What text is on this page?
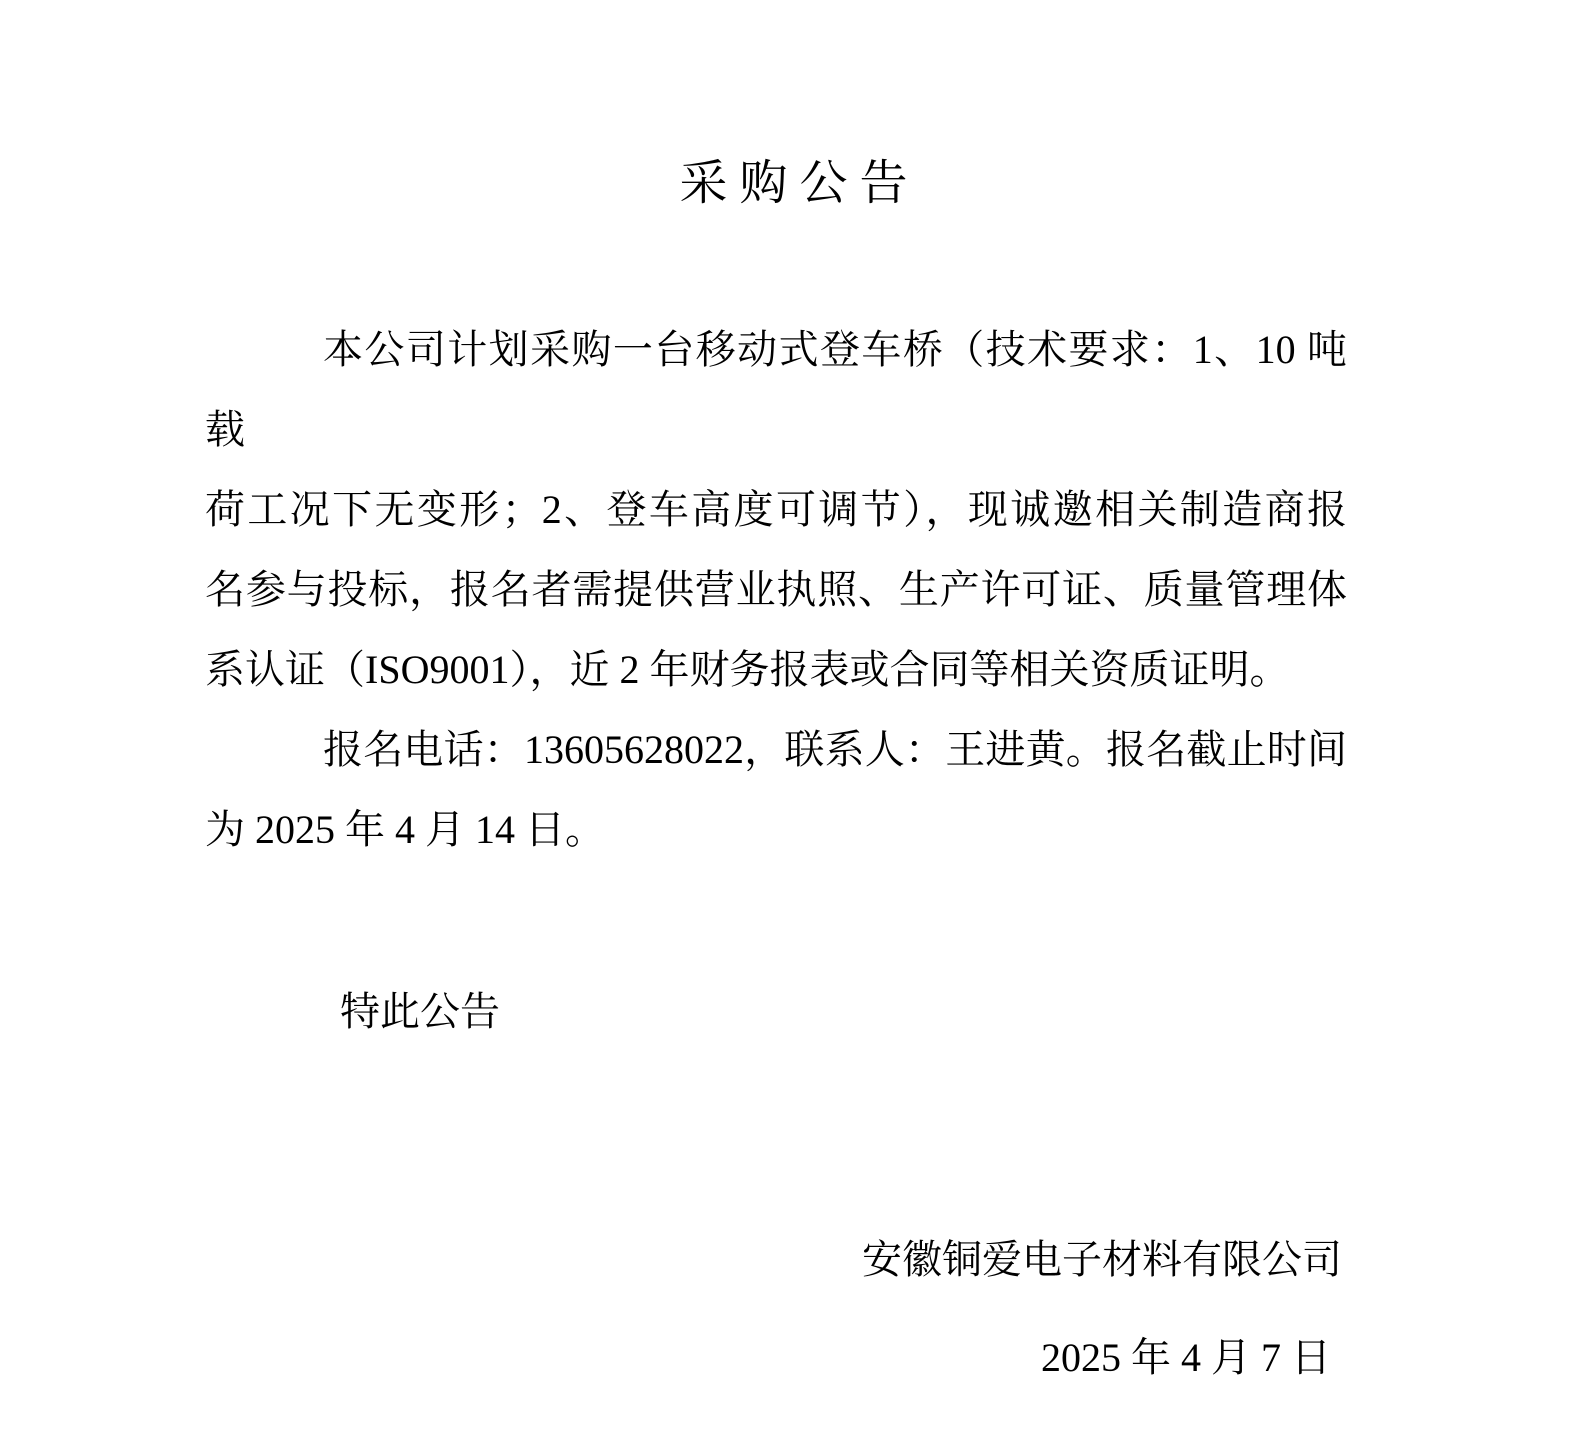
采 购 公 告

本公司计划采购一台移动式登车桥（技术要求：1、10 吨载

荷工况下无变形；2、登车高度可调节），现诚邀相关制造商报

名参与投标，报名者需提供营业执照、生产许可证、质量管理体

系认证（ISO9001），近 2 年财务报表或合同等相关资质证明。

报名电话：13605628022，联系人：王进黄。报名截止时间

为 2025 年 4 月 14 日。

特此公告

安徽铜爱电子材料有限公司

2025 年 4 月 7 日
